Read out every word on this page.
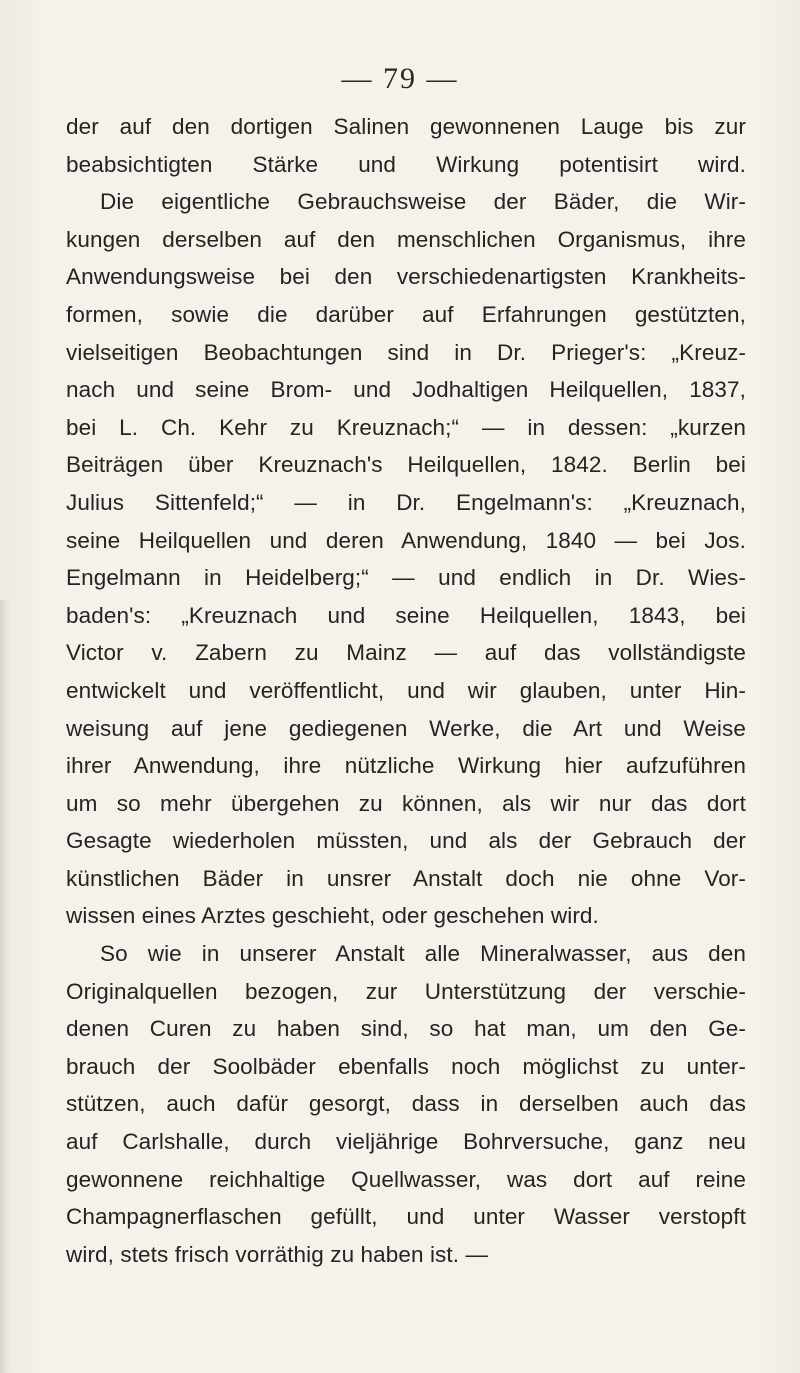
— 79 —
der auf den dortigen Salinen gewonnenen Lauge bis zur
beabsichtigten Stärke und Wirkung potentisirt wird.
Die eigentliche Gebrauchsweise der Bäder, die Wir-
kungen derselben auf den menschlichen Organismus, ihre
Anwendungsweise bei den verschiedenartigsten Krankheits-
formen, sowie die darüber auf Erfahrungen gestützten,
vielseitigen Beobachtungen sind in Dr. Prieger's: „Kreuz-
nach und seine Brom- und Jodhaltigen Heilquellen, 1837,
bei L. Ch. Kehr zu Kreuznach;“ — in dessen: „kurzen
Beiträgen über Kreuznach's Heilquellen, 1842. Berlin bei
Julius Sittenfeld;“ — in Dr. Engelmann's: „Kreuznach,
seine Heilquellen und deren Anwendung, 1840 — bei Jos.
Engelmann in Heidelberg;“ — und endlich in Dr. Wies-
baden's: „Kreuznach und seine Heilquellen, 1843, bei
Victor v. Zabern zu Mainz — auf das vollständigste
entwickelt und veröffentlicht, und wir glauben, unter Hin-
weisung auf jene gediegenen Werke, die Art und Weise
ihrer Anwendung, ihre nützliche Wirkung hier aufzuführen
um so mehr übergehen zu können, als wir nur das dort
Gesagte wiederholen müssten, und als der Gebrauch der
künstlichen Bäder in unsrer Anstalt doch nie ohne Vor-
wissen eines Arztes geschieht, oder geschehen wird.
So wie in unserer Anstalt alle Mineralwasser, aus den
Originalquellen bezogen, zur Unterstützung der verschie-
denen Curen zu haben sind, so hat man, um den Ge-
brauch der Soolbäder ebenfalls noch möglichst zu unter-
stützen, auch dafür gesorgt, dass in derselben auch das
auf Carlshalle, durch vieljährige Bohrversuche, ganz neu
gewonnene reichhaltige Quellwasser, was dort auf reine
Champagnerflaschen gefüllt, und unter Wasser verstopft
wird, stets frisch vorräthig zu haben ist. —
